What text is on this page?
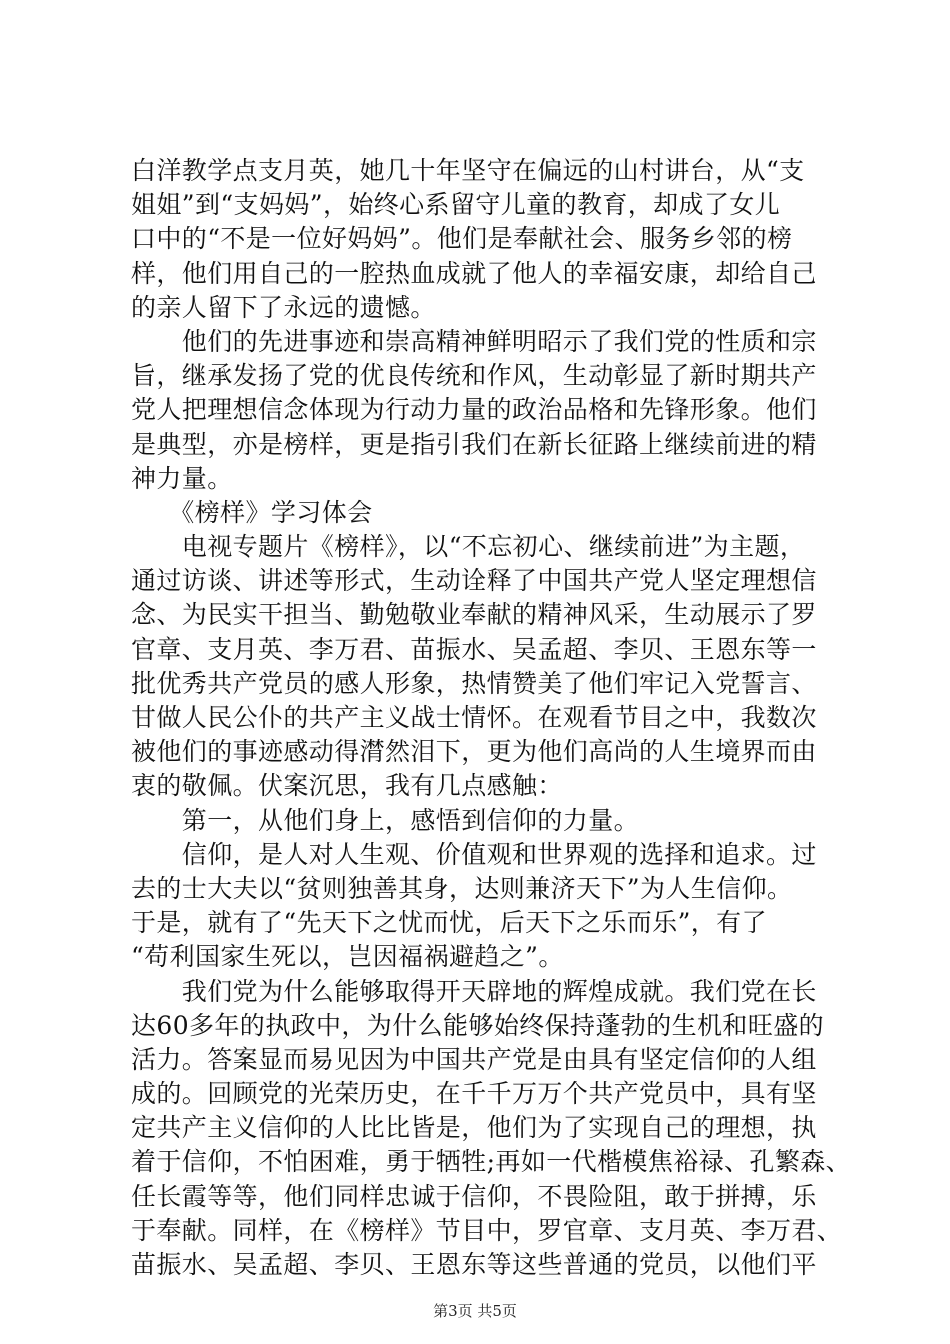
白洋教学点支月英，她几十年坚守在偏远的山村讲台，从“支
姐姐”到“支妈妈”，始终心系留守儿童的教育，却成了女儿
口中的“不是一位好妈妈”。他们是奉献社会、服务乡邻的榜
样，他们用自己的一腔热血成就了他人的幸福安康，却给自己
的亲人留下了永远的遗憾。
　　他们的先进事迹和崇高精神鲜明昭示了我们党的性质和宗
旨，继承发扬了党的优良传统和作风，生动彰显了新时期共产
党人把理想信念体现为行动力量的政治品格和先锋形象。他们
是典型，亦是榜样，更是指引我们在新长征路上继续前进的精
神力量。
　　《榜样》学习体会
　　电视专题片《榜样》，以“不忘初心、继续前进”为主题，
通过访谈、讲述等形式，生动诠释了中国共产党人坚定理想信
念、为民实干担当、勤勉敬业奉献的精神风采，生动展示了罗
官章、支月英、李万君、苗振水、吴孟超、李贝、王恩东等一
批优秀共产党员的感人形象，热情赞美了他们牢记入党誓言、
甘做人民公仆的共产主义战士情怀。在观看节目之中，我数次
被他们的事迹感动得潸然泪下，更为他们高尚的人生境界而由
衷的敬佩。伏案沉思，我有几点感触：
　　第一，从他们身上，感悟到信仰的力量。
　　信仰，是人对人生观、价值观和世界观的选择和追求。过
去的士大夫以“贫则独善其身，达则兼济天下”为人生信仰。
于是，就有了“先天下之忧而忧，后天下之乐而乐”，有了
“苟利国家生死以，岂因福祸避趋之”。
　　我们党为什么能够取得开天辟地的辉煌成就。我们党在长
达60多年的执政中，为什么能够始终保持蓬勃的生机和旺盛的
活力。答案显而易见因为中国共产党是由具有坚定信仰的人组
成的。回顾党的光荣历史，在千千万万个共产党员中，具有坚
定共产主义信仰的人比比皆是，他们为了实现自己的理想，执
着于信仰，不怕困难，勇于牺牲;再如一代楷模焦裕禄、孔繁森、
任长霞等等，他们同样忠诚于信仰，不畏险阻，敢于拼搏，乐
于奉献。同样，在《榜样》节目中，罗官章、支月英、李万君、
苗振水、吴孟超、李贝、王恩东等这些普通的党员，以他们平
第3页 共5页
